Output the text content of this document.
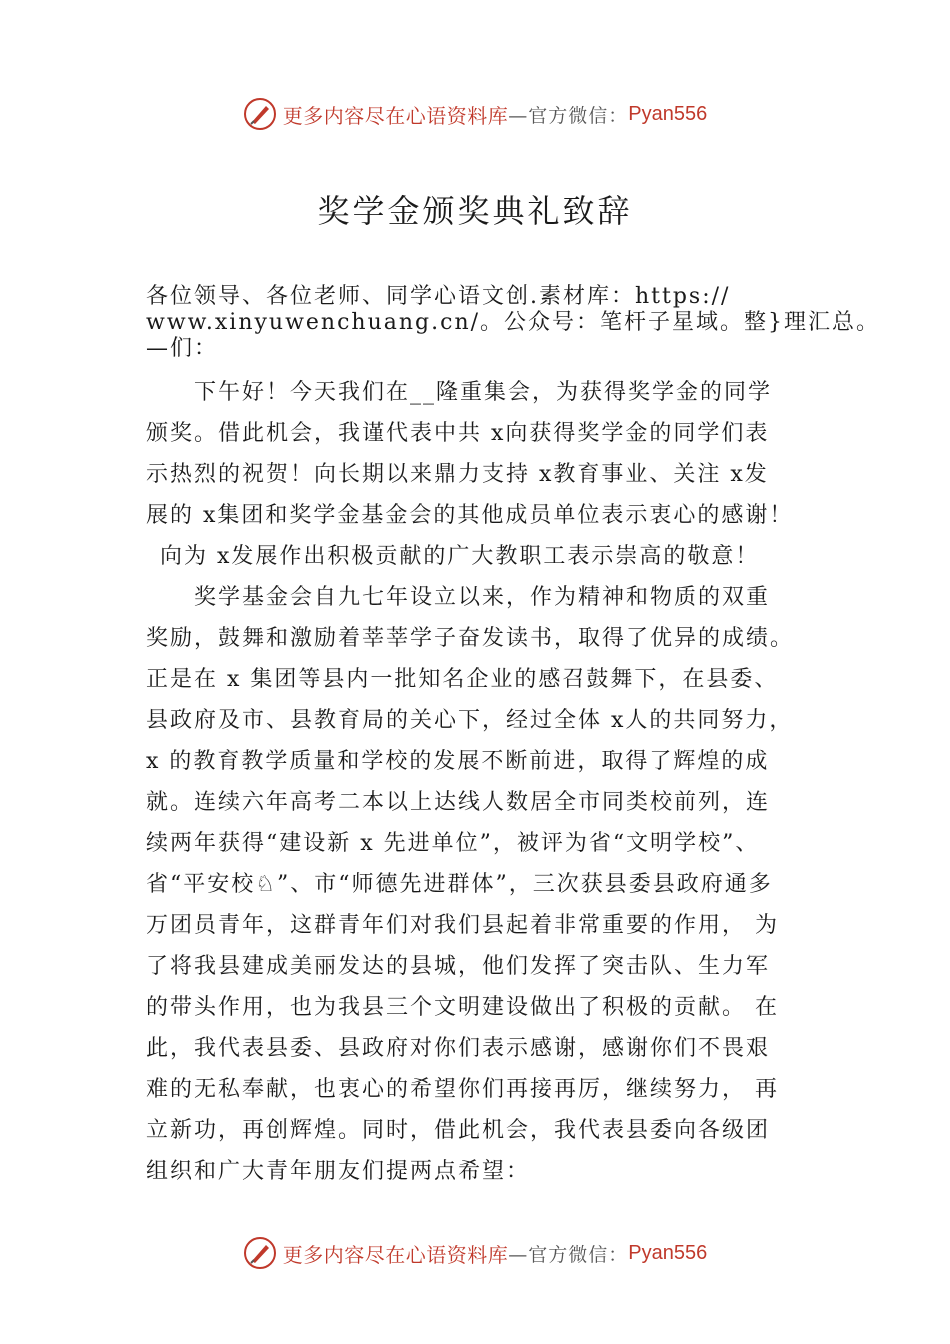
更多内容尽在心语资料库 —官方微信： Pyan556
奖学金颁奖典礼致辞
各位领导、各位老师、同学心语文创.素材库：https://
www.xinyuwenchuang.cn/。公众号：笔杆子星域。整}理汇总。
—们：
下午好！今天我们在__隆重集会，为获得奖学金的同学
颁奖。借此机会，我谨代表中共 x向获得奖学金的同学们表
示热烈的祝贺！向长期以来鼎力支持 x教育事业、关注 x发
展的 x集团和奖学金基金会的其他成员单位表示衷心的感谢！
向为 x发展作出积极贡献的广大教职工表示崇高的敬意！
奖学基金会自九七年设立以来，作为精神和物质的双重
奖励，鼓舞和激励着莘莘学子奋发读书，取得了优异的成绩。
正是在 x 集团等县内一批知名企业的感召鼓舞下，在县委、
县政府及市、县教育局的关心下，经过全体 x人的共同努力，
x 的教育教学质量和学校的发展不断前进，取得了辉煌的成
就。连续六年高考二本以上达线人数居全市同类校前列，连
续两年获得“建设新 x 先进单位”，被评为省“文明学校”、
省“平安校♘”、市“师德先进群体”，三次获县委县政府通多
万团员青年，这群青年们对我们县起着非常重要的作用， 为
了将我县建成美丽发达的县城，他们发挥了突击队、生力军
的带头作用，也为我县三个文明建设做出了积极的贡献。 在
此，我代表县委、县政府对你们表示感谢，感谢你们不畏艰
难的无私奉献，也衷心的希望你们再接再厉，继续努力， 再
立新功，再创辉煌。同时，借此机会，我代表县委向各级团
组织和广大青年朋友们提两点希望：
更多内容尽在心语资料库 —官方微信： Pyan556
